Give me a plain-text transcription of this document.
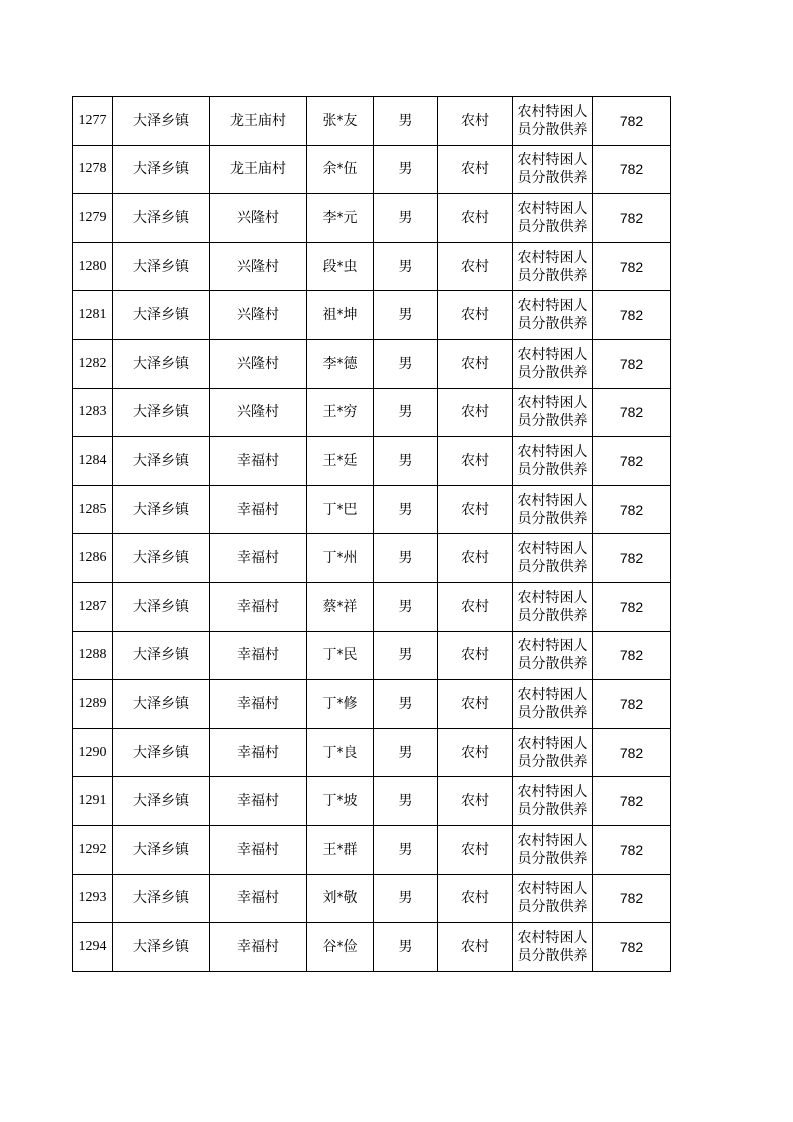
1277	大泽乡镇	龙王庙村	张*友	男	农村	农村特困人员分散供养	782
1278	大泽乡镇	龙王庙村	余*伍	男	农村	农村特困人员分散供养	782
1279	大泽乡镇	兴隆村	李*元	男	农村	农村特困人员分散供养	782
1280	大泽乡镇	兴隆村	段*虫	男	农村	农村特困人员分散供养	782
1281	大泽乡镇	兴隆村	祖*坤	男	农村	农村特困人员分散供养	782
1282	大泽乡镇	兴隆村	李*德	男	农村	农村特困人员分散供养	782
1283	大泽乡镇	兴隆村	王*穷	男	农村	农村特困人员分散供养	782
1284	大泽乡镇	幸福村	王*廷	男	农村	农村特困人员分散供养	782
1285	大泽乡镇	幸福村	丁*巴	男	农村	农村特困人员分散供养	782
1286	大泽乡镇	幸福村	丁*州	男	农村	农村特困人员分散供养	782
1287	大泽乡镇	幸福村	蔡*祥	男	农村	农村特困人员分散供养	782
1288	大泽乡镇	幸福村	丁*民	男	农村	农村特困人员分散供养	782
1289	大泽乡镇	幸福村	丁*修	男	农村	农村特困人员分散供养	782
1290	大泽乡镇	幸福村	丁*良	男	农村	农村特困人员分散供养	782
1291	大泽乡镇	幸福村	丁*坡	男	农村	农村特困人员分散供养	782
1292	大泽乡镇	幸福村	王*群	男	农村	农村特困人员分散供养	782
1293	大泽乡镇	幸福村	刘*敬	男	农村	农村特困人员分散供养	782
1294	大泽乡镇	幸福村	谷*俭	男	农村	农村特困人员分散供养	782
